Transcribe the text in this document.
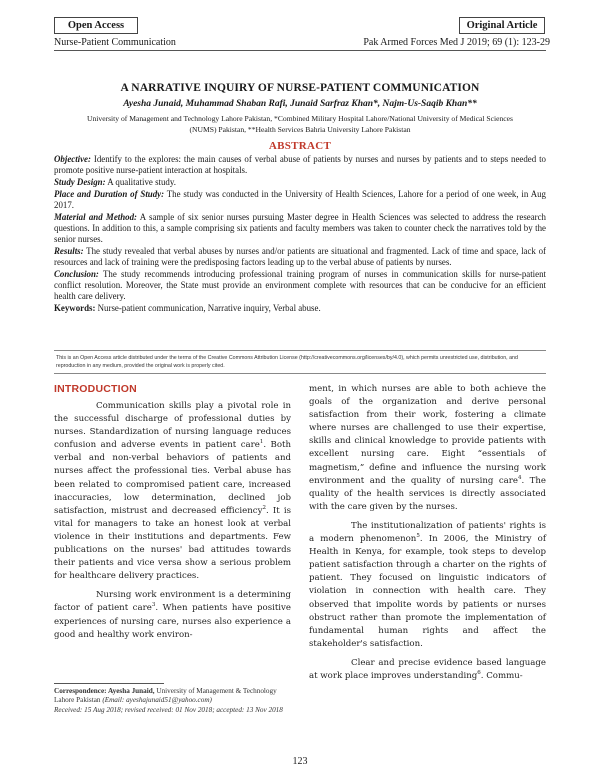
Open Access	Original Article
Nurse-Patient Communication	Pak Armed Forces Med J 2019; 69 (1): 123-29
A NARRATIVE INQUIRY OF NURSE-PATIENT COMMUNICATION
Ayesha Junaid, Muhammad Shaban Rafi, Junaid Sarfraz Khan*, Najm-Us-Saqib Khan**
University of Management and Technology Lahore Pakistan, *Combined Military Hospital Lahore/National University of Medical Sciences (NUMS) Pakistan, **Health Services Bahria University Lahore Pakistan
ABSTRACT

Objective: Identify to the explores: the main causes of verbal abuse of patients by nurses and nurses by patients and to steps needed to promote positive nurse-patient interaction at hospitals.

Study Design: A qualitative study.

Place and Duration of Study: The study was conducted in the University of Health Sciences, Lahore for a period of one week, in Aug 2017.

Material and Method: A sample of six senior nurses pursuing Master degree in Health Sciences was selected to address the research questions. In addition to this, a sample comprising six patients and faculty members was taken to counter check the narratives told by the senior nurses.

Results: The study revealed that verbal abuses by nurses and/or patients are situational and fragmented. Lack of time and space, lack of resources and lack of training were the predisposing factors leading up to the verbal abuse of patients by nurses.

Conclusion: The study recommends introducing professional training program of nurses in communication skills for nurse-patient conflict resolution. Moreover, the State must provide an environment complete with resources that can be conducive for an efficient health care delivery.

Keywords: Nurse-patient communication, Narrative inquiry, Verbal abuse.

This is an Open Access article distributed under the terms of the Creative Commons Attribution License (http://creativecommons.org/licenses/by/4.0), which permits unrestricted use, distribution, and reproduction in any medium, provided the original work is properly cited.
INTRODUCTION

Communication skills play a pivotal role in the successful discharge of professional duties by nurses. Standardization of nursing language reduces confusion and adverse events in patient care$^1$. Both verbal and non-verbal behaviors of patients and nurses affect the professional ties. Verbal abuse has been related to compromised patient care, increased inaccuracies, low determination, declined job satisfaction, mistrust and decreased efficiency$^2$. It is vital for managers to take an honest look at verbal violence in their institutions and departments. Few publications on the nurses' bad attitudes towards their patients and vice versa show a serious problem for healthcare delivery practices.

Nursing work environment is a determining factor of patient care$^3$. When patients have positive experiences of nursing care, nurses also experience a good and healthy work environ-

ment, in which nurses are able to both achieve the goals of the organization and derive personal satisfaction from their work, fostering a climate where nurses are challenged to use their expertise, skills and clinical knowledge to provide patients with excellent nursing care. Eight “essentials of magnetism,” define and influence the nursing work environment and the quality of nursing care$^4$. The quality of the health services is directly associated with the care given by the nurses.

The institutionalization of patients' rights is a modern phenomenon$^5$. In 2006, the Ministry of Health in Kenya, for example, took steps to develop patient satisfaction through a charter on the rights of patient. They focused on linguistic indicators of violation in connection with health care. They observed that impolite words by patients or nurses obstruct rather than promote the implementation of fundamental human rights and affect the stakeholder's satisfaction.

Clear and precise evidence based language at work place improves understanding$^6$. Commu-

Correspondence: Ayesha Junaid, University of Management & Technology Lahore Pakistan (Email: ayeshajunaid51@yahoo.com)
Received: 15 Aug 2018; revised received: 01 Nov 2018; accepted: 13 Nov 2018
123
